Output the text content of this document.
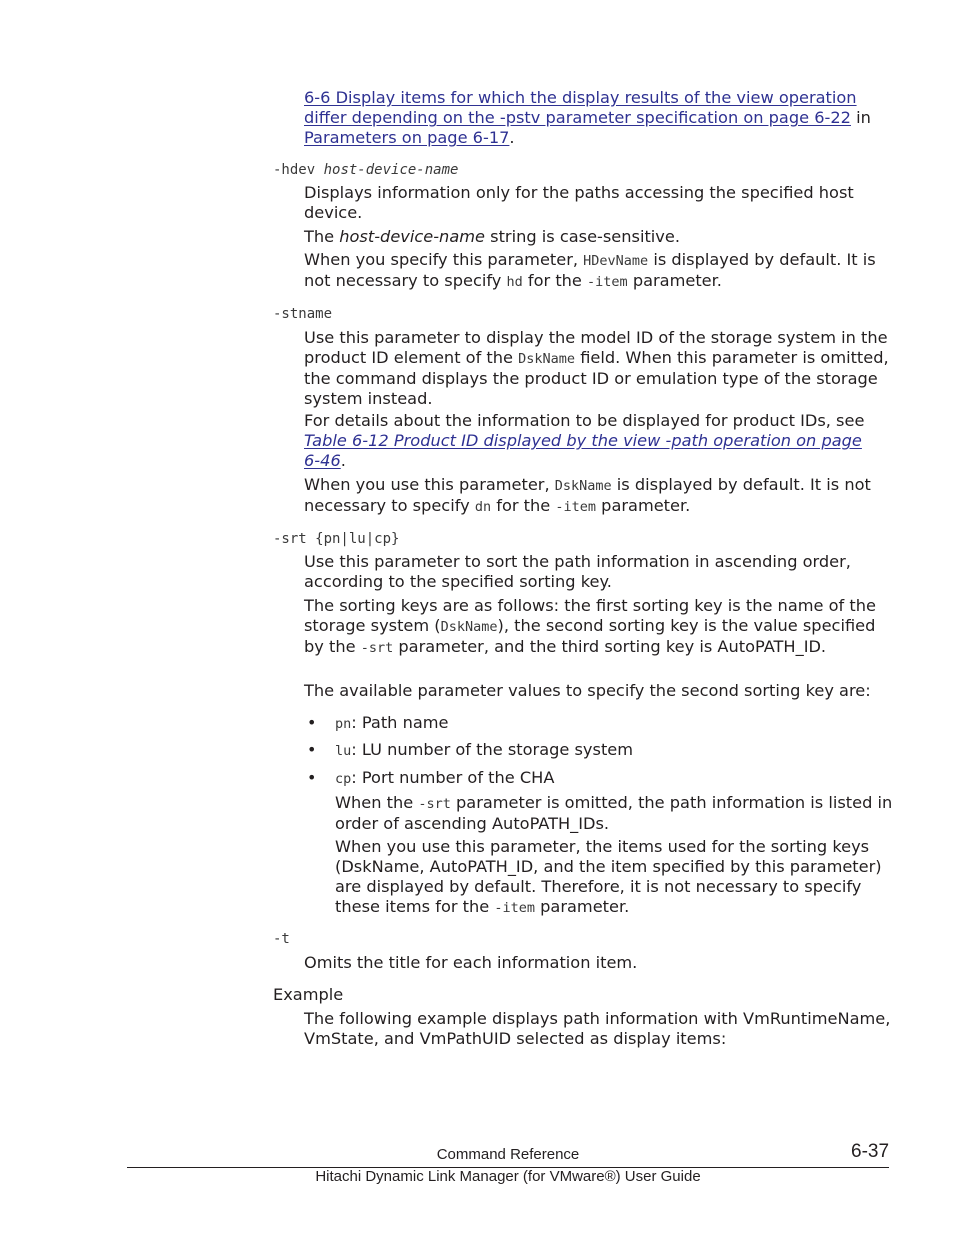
6-6 Display items for which the display results of the view operation
differ depending on the -pstv parameter specification on page 6-22 in
Parameters on page 6-17.

-hdev host-device-name

Displays information only for the paths accessing the specified host device.

The host-device-name string is case-sensitive.

When you specify this parameter, HDevName is displayed by default. It is not necessary to specify hd for the -item parameter.

-stname

Use this parameter to display the model ID of the storage system in the product ID element of the DskName field. When this parameter is omitted, the command displays the product ID or emulation type of the storage system instead.

For details about the information to be displayed for product IDs, see Table 6-12 Product ID displayed by the view -path operation on page
6-46.

When you use this parameter, DskName is displayed by default. It is not necessary to specify dn for the -item parameter.

-srt {pn|lu|cp}

Use this parameter to sort the path information in ascending order, according to the specified sorting key.

The sorting keys are as follows: the first sorting key is the name of the storage system (DskName), the second sorting key is the value specified by the -srt parameter, and the third sorting key is AutoPATH_ID.

The available parameter values to specify the second sorting key are:

• pn: Path name

• lu: LU number of the storage system

• cp: Port number of the CHA

When the -srt parameter is omitted, the path information is listed in order of ascending AutoPATH_IDs.

When you use this parameter, the items used for the sorting keys (DskName, AutoPATH_ID, and the item specified by this parameter) are displayed by default. Therefore, it is not necessary to specify these items for the -item parameter.

-t

Omits the title for each information item.

Example

The following example displays path information with VmRuntimeName, VmState, and VmPathUID selected as display items:

Command Reference	6-37
Hitachi Dynamic Link Manager (for VMware®) User Guide
